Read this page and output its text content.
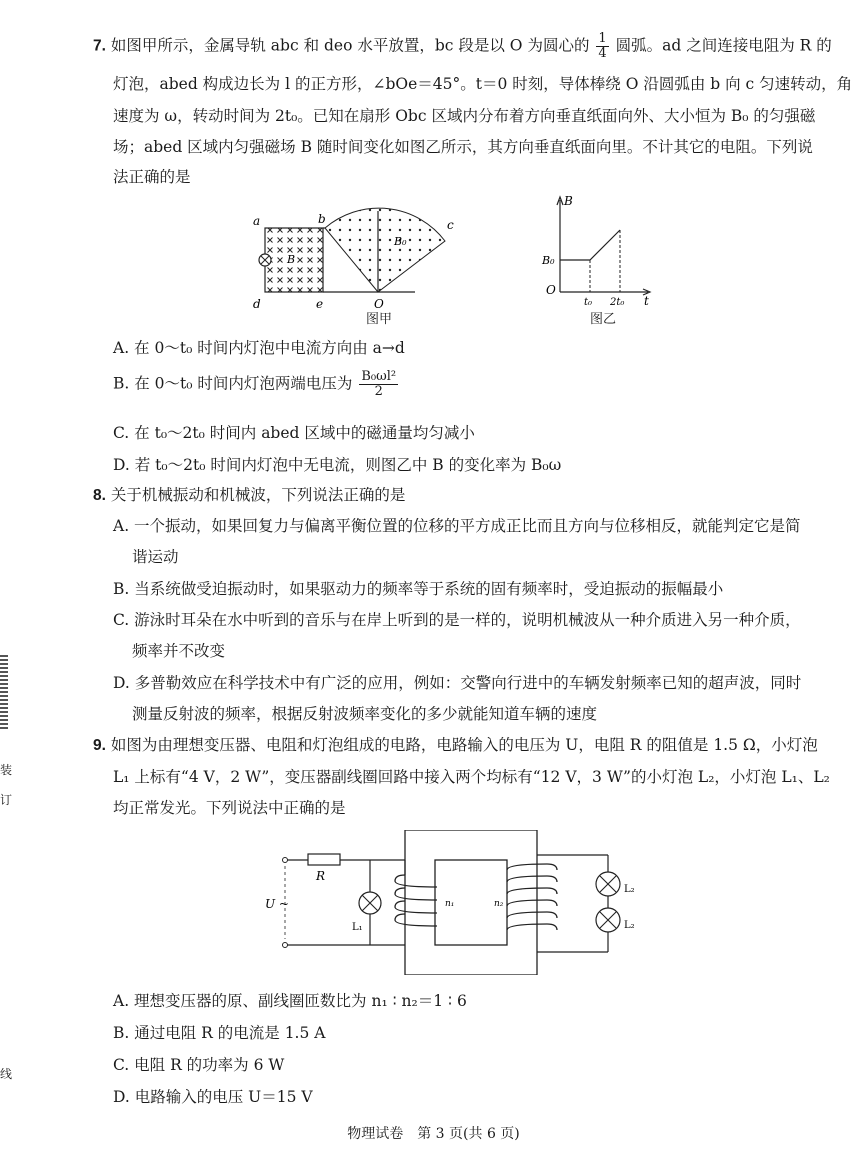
装
订
线
7. 如图甲所示，金属导轨 abc 和 deo 水平放置，bc 段是以 O 为圆心的 $\frac{1}{4}$ 圆弧。ad 之间连接电阻为 R 的
灯泡，abed 构成边长为 l 的正方形，∠bOe＝45°。t＝0 时刻，导体棒绕 O 沿圆弧由 b 向 c 匀速转动，角
速度为 ω，转动时间为 2t₀。已知在扇形 Obc 区域内分布着方向垂直纸面向外、大小恒为 B₀ 的匀强磁
场；abed 区域内匀强磁场 B 随时间变化如图乙所示，其方向垂直纸面向里。不计其它的电阻。下列说
法正确的是
a	b	c
d	e	O
B₀
B
图甲
B
B₀
O
t₀ 2t₀ t
图乙
A. 在 0～t₀ 时间内灯泡中电流方向由 a→d
B. 在 0～t₀ 时间内灯泡两端电压为 $\frac{\text{B₀ωl²}}{2}$
C. 在 t₀～2t₀ 时间内 abed 区域中的磁通量均匀减小
D. 若 t₀～2t₀ 时间内灯泡中无电流，则图乙中 B 的变化率为 B₀ω
8. 关于机械振动和机械波，下列说法正确的是
A. 一个振动，如果回复力与偏离平衡位置的位移的平方成正比而且方向与位移相反，就能判定它是简
谐运动
B. 当系统做受迫振动时，如果驱动力的频率等于系统的固有频率时，受迫振动的振幅最小
C. 游泳时耳朵在水中听到的音乐与在岸上听到的是一样的，说明机械波从一种介质进入另一种介质，
频率并不改变
D. 多普勒效应在科学技术中有广泛的应用，例如：交警向行进中的车辆发射频率已知的超声波，同时
测量反射波的频率，根据反射波频率变化的多少就能知道车辆的速度
9. 如图为由理想变压器、电阻和灯泡组成的电路，电路输入的电压为 U，电阻 R 的阻值是 1.5 Ω，小灯泡
L₁ 上标有“4 V，2 W”，变压器副线圈回路中接入两个均标有“12 V，3 W”的小灯泡 L₂，小灯泡 L₁、L₂
均正常发光。下列说法中正确的是
R
U ~
L₁
n₁	n₂
L₂
L₂
A. 理想变压器的原、副线圈匝数比为 n₁ ∶ n₂＝1 ∶ 6
B. 通过电阻 R 的电流是 1.5 A
C. 电阻 R 的功率为 6 W
D. 电路输入的电压 U＝15 V
物理试卷　第 3 页(共 6 页)
